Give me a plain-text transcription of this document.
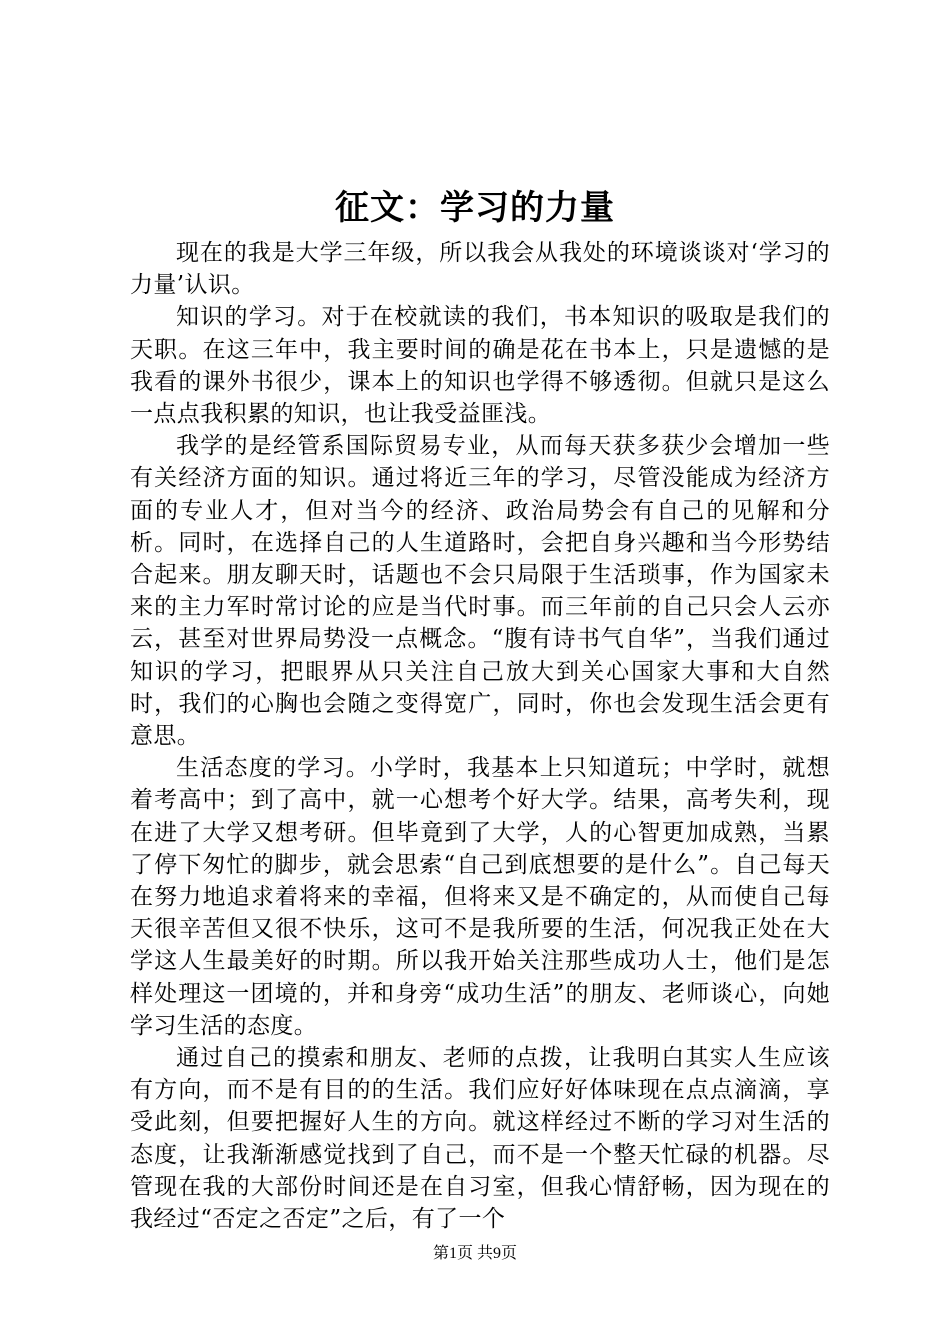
征文：学习的力量

现在的我是大学三年级，所以我会从我处的环境谈谈对‘学习的力量’认识。

知识的学习。对于在校就读的我们，书本知识的吸取是我们的天职。在这三年中，我主要时间的确是花在书本上，只是遗憾的是我看的课外书很少，课本上的知识也学得不够透彻。但就只是这么一点点我积累的知识，也让我受益匪浅。

我学的是经管系国际贸易专业，从而每天获多获少会增加一些有关经济方面的知识。通过将近三年的学习，尽管没能成为经济方面的专业人才，但对当今的经济、政治局势会有自己的见解和分析。同时，在选择自己的人生道路时，会把自身兴趣和当今形势结合起来。朋友聊天时，话题也不会只局限于生活琐事，作为国家未来的主力军时常讨论的应是当代时事。而三年前的自己只会人云亦云，甚至对世界局势没一点概念。“腹有诗书气自华”，当我们通过知识的学习，把眼界从只关注自己放大到关心国家大事和大自然时，我们的心胸也会随之变得宽广，同时，你也会发现生活会更有意思。

生活态度的学习。小学时，我基本上只知道玩；中学时，就想着考高中；到了高中，就一心想考个好大学。结果，高考失利，现在进了大学又想考研。但毕竟到了大学，人的心智更加成熟，当累了停下匆忙的脚步，就会思索“自己到底想要的是什么”。自己每天在努力地追求着将来的幸福，但将来又是不确定的，从而使自己每天很辛苦但又很不快乐，这可不是我所要的生活，何况我正处在大学这人生最美好的时期。所以我开始关注那些成功人士，他们是怎样处理这一团境的，并和身旁“成功生活”的朋友、老师谈心，向她学习生活的态度。

通过自己的摸索和朋友、老师的点拨，让我明白其实人生应该有方向，而不是有目的的生活。我们应好好体味现在点点滴滴，享受此刻，但要把握好人生的方向。就这样经过不断的学习对生活的态度，让我渐渐感觉找到了自己，而不是一个整天忙碌的机器。尽管现在我的大部份时间还是在自习室，但我心情舒畅，因为现在的我经过“否定之否定”之后，有了一个

第1页 共9页
